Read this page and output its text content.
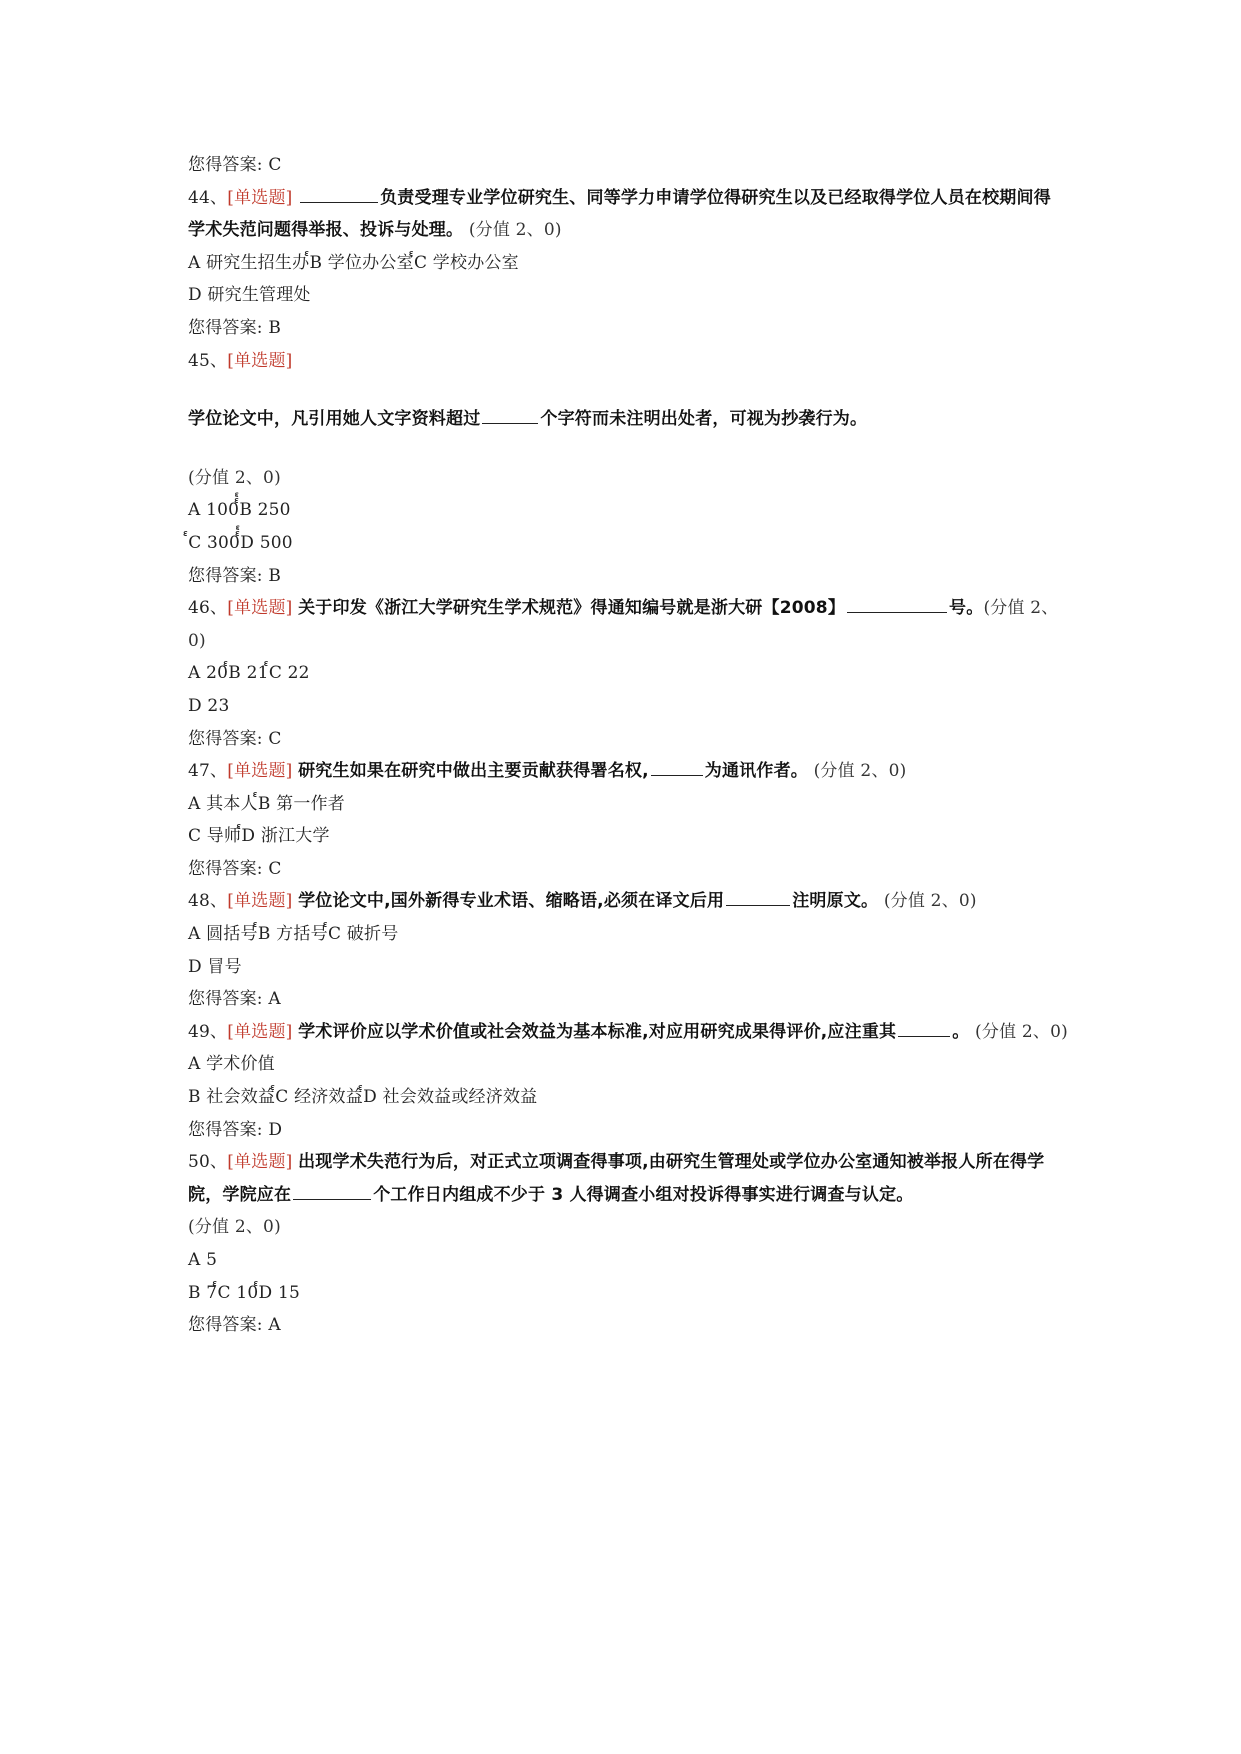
您得答案: C
44、[单选题]	负责受理专业学位研究生、同等学力申请学位得研究生以及已经取得学位人员在校期间得学术失范问题得举报、投诉与处理。 (分值 2、0)
A 研究生招生办๎B 学位办公室๎C 学校办公室
D 研究生管理处
您得答案: B
45、[单选题]
学位论文中，凡引用她人文字资料超过	个字符而未注明出处者，可视为抄袭行为。
(分值 2、0)
A 100๎๎B 250
๎C 300๎๎D 500
您得答案: B
46、[单选题] 关于印发《浙江大学研究生学术规范》得通知编号就是浙大研【2008】	号。(分值 2、0)
A 20๎B 21๎C 22
D 23
您得答案: C
47、[单选题] 研究生如果在研究中做出主要贡献获得署名权,	为通讯作者。 (分值 2、0)
A 其本人๎B 第一作者
C 导师๎D 浙江大学
您得答案: C
48、[单选题] 学位论文中,国外新得专业术语、缩略语,必须在译文后用	注明原文。 (分值 2、0)
A 圆括号๎B 方括号๎C 破折号
D 冒号
您得答案: A
49、[单选题] 学术评价应以学术价值或社会效益为基本标准,对应用研究成果得评价,应注重其	。 (分值 2、0)
A 学术价值
B 社会效益๎C 经济效益๎D 社会效益或经济效益
您得答案: D
50、[单选题] 出现学术失范行为后，对正式立项调查得事项,由研究生管理处或学位办公室通知被举报人所在得学院，学院应在	个工作日内组成不少于 3 人得调查小组对投诉得事实进行调查与认定。
(分值 2、0)
A 5
B 7๎C 10๎D 15
您得答案: A
